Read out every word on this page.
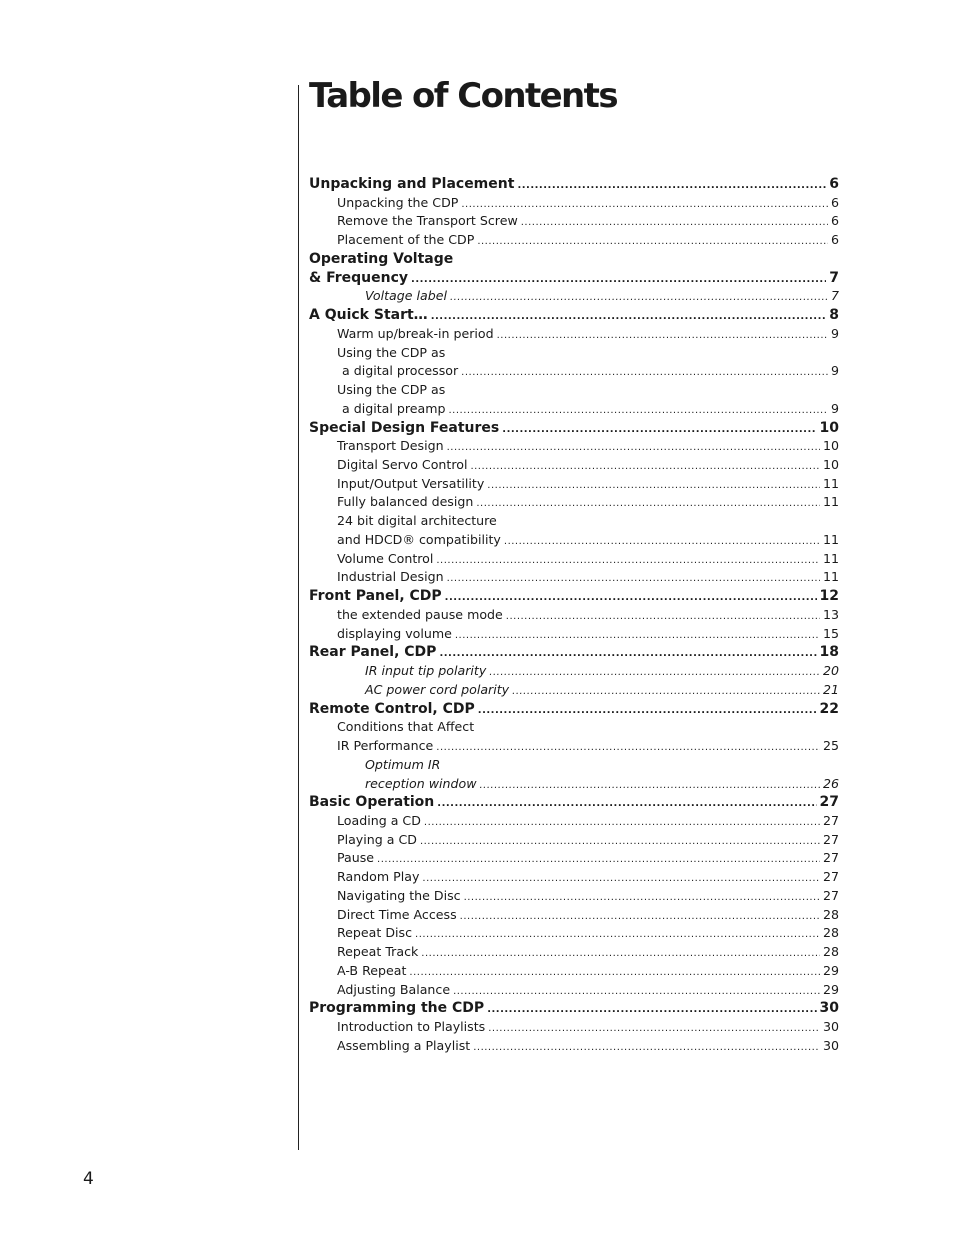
Table of Contents
Unpacking and Placement .....	6
Unpacking the CDP .....	6
Remove the Transport Screw .....	6
Placement of the CDP .....	6
Operating Voltage
& Frequency .....	7
Voltage label .....	7
A Quick Start… .....	8
Warm up/break-in period .....	9
Using the CDP as
a digital processor .....	9
Using the CDP as
a digital preamp .....	9
Special Design Features .....	10
Transport Design .....	10
Digital Servo Control .....	10
Input/Output Versatility .....	11
Fully balanced design .....	11
24 bit digital architecture
and HDCD® compatibility .....	11
Volume Control .....	11
Industrial Design .....	11
Front Panel, CDP .....	12
the extended pause mode .....	13
displaying volume .....	15
Rear Panel, CDP .....	18
IR input tip polarity .....	20
AC power cord polarity .....	21
Remote Control, CDP .....	22
Conditions that Affect
IR Performance .....	25
Optimum IR
reception window .....	26
Basic Operation .....	27
Loading a CD .....	27
Playing a CD .....	27
Pause .....	27
Random Play .....	27
Navigating the Disc .....	27
Direct Time Access .....	28
Repeat Disc .....	28
Repeat Track .....	28
A-B Repeat .....	29
Adjusting Balance .....	29
Programming the CDP .....	30
Introduction to Playlists .....	30
Assembling a Playlist .....	30
4
